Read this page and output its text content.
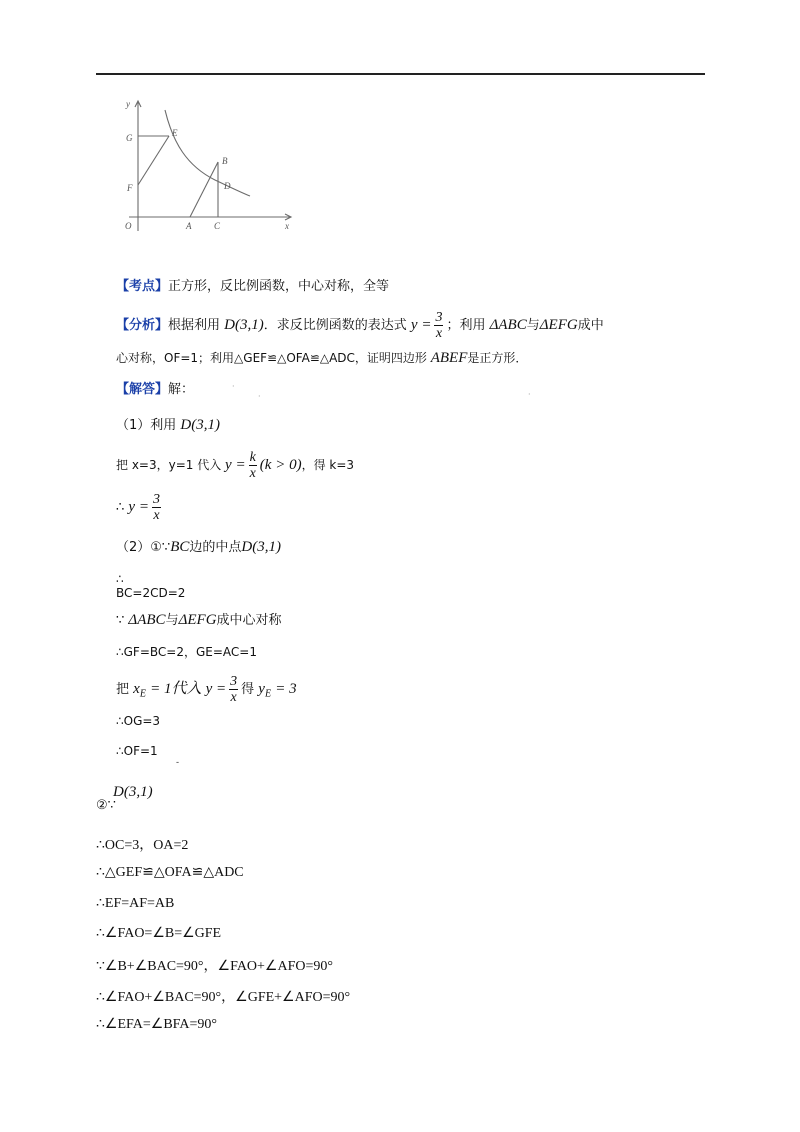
y
G	E
F
B
D
O	A	C	x
【考点】正方形，反比例函数，中心对称，全等
【分析】根据利用 D(3,1)．求反比例函数的表达式 $y = \frac{3}{x}$ ；利用 ΔABC与ΔEFG成中
心对称，OF=1；利用△GEF≌△OFA≌△ADC，证明四边形 ABEF是正方形．
【解答】解：	·
·	·
（1）利用 D(3,1)
把 x=3，y=1 代入 $y = \frac{k}{x} (k > 0)$，得 k=3
∴ $y = \frac{3}{x}$
（2）①∵BC边的中点D(3,1)
∴
BC=2CD=2
∵ ΔABC与ΔEFG成中心对称
∴GF=BC=2，GE=AC=1
把 $x_E = 1$代入 $y = \frac{3}{x}$ 得 $y_E = 3$
∴OG=3
∴OF=1
-
D(3,1)
②∵
∴OC=3，OA=2
∴△GEF≌△OFA≌△ADC
∴EF=AF=AB
∴∠FAO=∠B=∠GFE
∵∠B+∠BAC=90°，∠FAO+∠AFO=90°
∴∠FAO+∠BAC=90°，∠GFE+∠AFO=90°
∴∠EFA=∠BFA=90°
